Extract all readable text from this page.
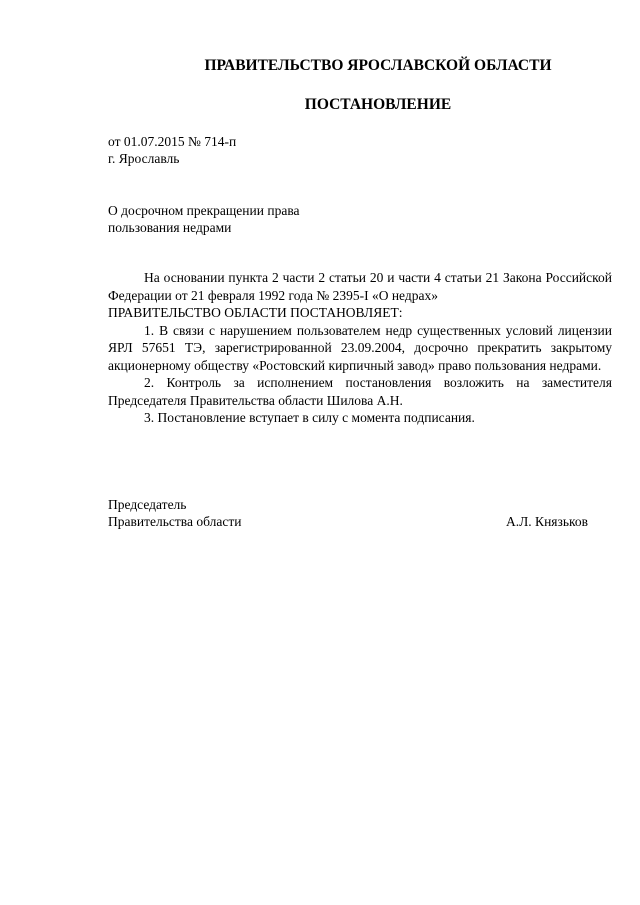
ПРАВИТЕЛЬСТВО ЯРОСЛАВСКОЙ ОБЛАСТИ
ПОСТАНОВЛЕНИЕ
от 01.07.2015 № 714-п
г. Ярославль
О досрочном прекращении права
пользования недрами

На основании пункта 2 части 2 статьи 20 и части 4 статьи 21 Закона Российской Федерации от 21 февраля 1992 года № 2395-I «О недрах»

ПРАВИТЕЛЬСТВО ОБЛАСТИ ПОСТАНОВЛЯЕТ:

1. В связи с нарушением пользователем недр существенных условий лицензии ЯРЛ 57651 ТЭ, зарегистрированной 23.09.2004, досрочно прекратить закрытому акционерному обществу «Ростовский кирпичный завод» право пользования недрами.

2. Контроль за исполнением постановления возложить на заместителя Председателя Правительства области Шилова А.Н.

3. Постановление вступает в силу с момента подписания.

Председатель
Правительства области	А.Л. Князьков
